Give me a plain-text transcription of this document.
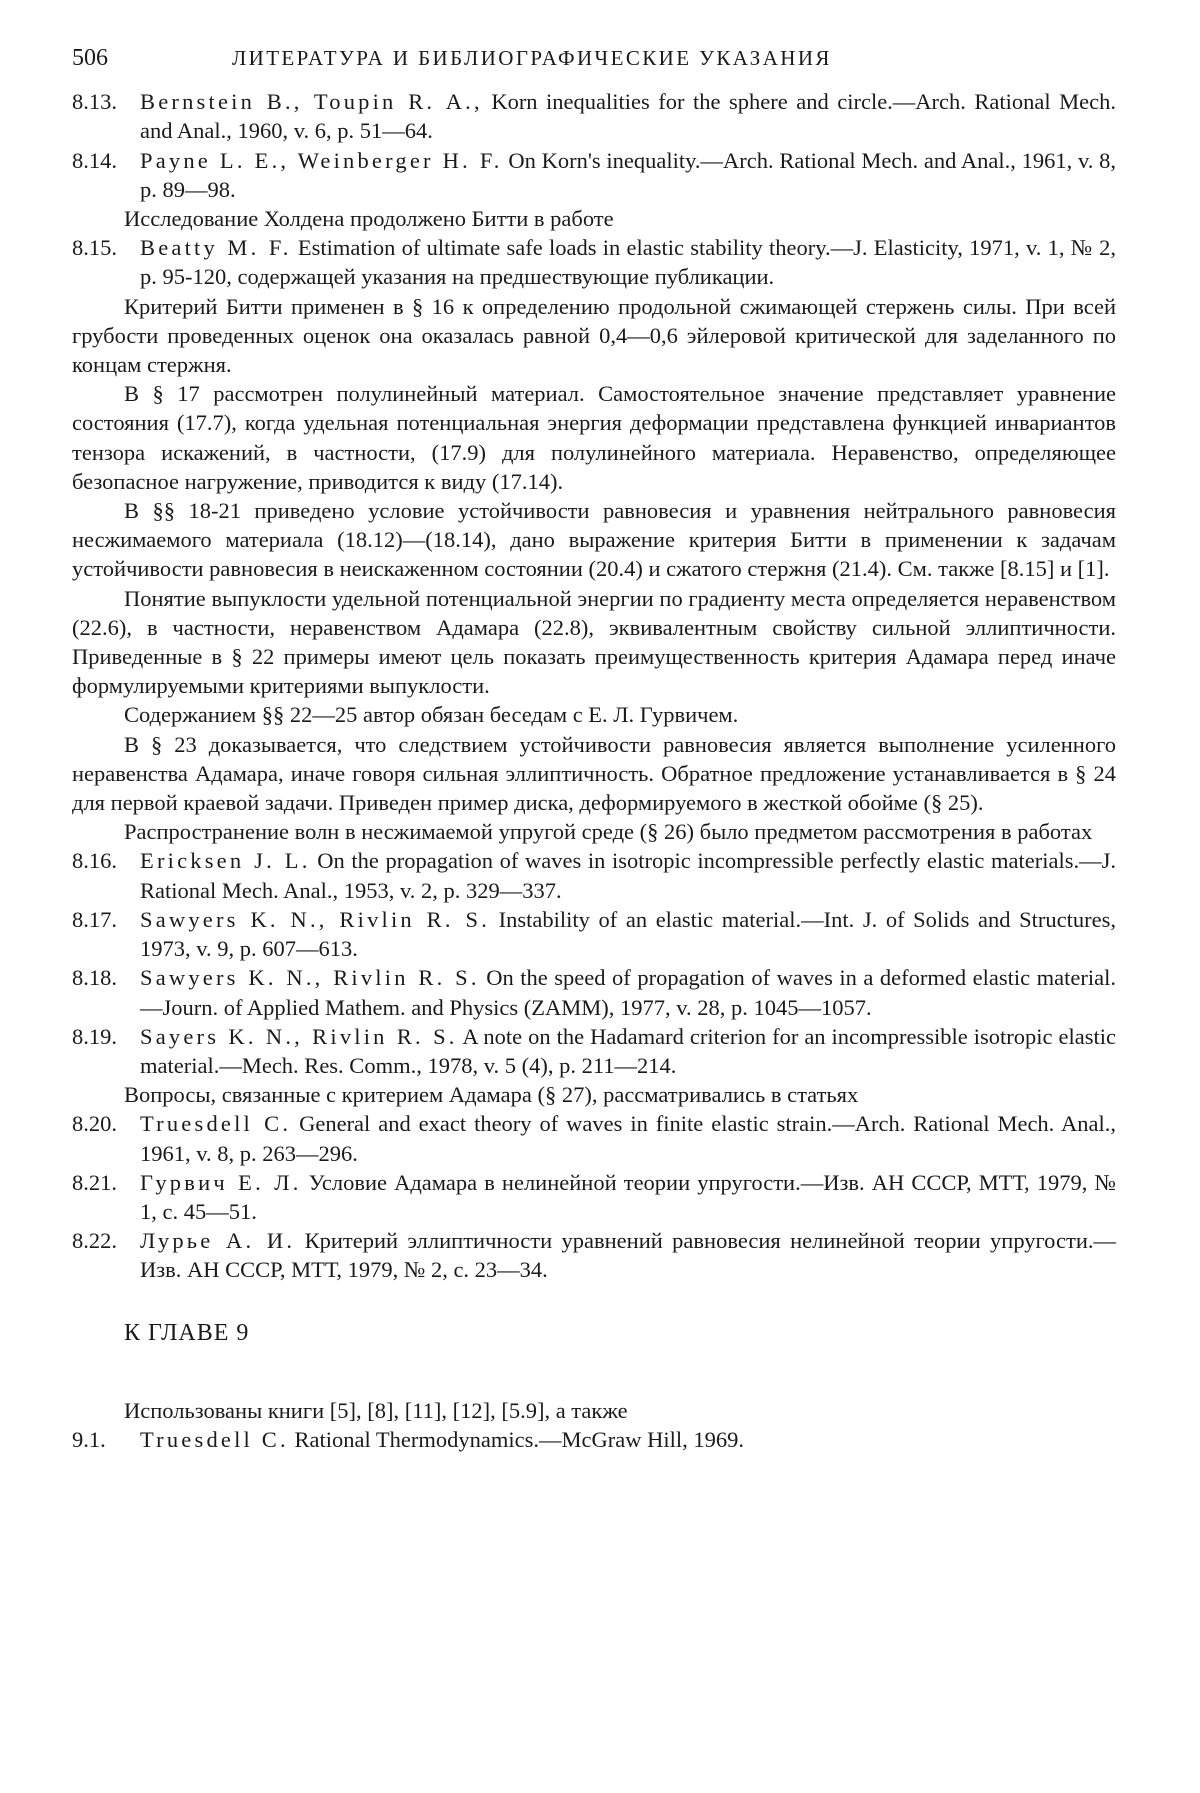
506	ЛИТЕРАТУРА И БИБЛИОГРАФИЧЕСКИЕ УКАЗАНИЯ
8.13.	Bernstein B., Toupin R. A., Korn inequalities for the sphere and circle.—Arch. Rational Mech. and Anal., 1960, v. 6, p. 51—64.
8.14.	Payne L. E., Weinberger H. F. On Korn's inequality.—Arch. Rational Mech. and Anal., 1961, v. 8, p. 89—98.

Исследование Холдена продолжено Битти в работе

8.15.	Beatty M. F. Estimation of ultimate safe loads in elastic stability theory.—J. Elasticity, 1971, v. 1, № 2, p. 95-120, содержащей указания на предшествующие публикации.

Критерий Битти применен в § 16 к определению продольной сжимающей стержень силы. При всей грубости проведенных оценок она оказалась равной 0,4—0,6 эйлеровой критической для заделанного по концам стержня.

В § 17 рассмотрен полулинейный материал. Самостоятельное значение представляет уравнение состояния (17.7), когда удельная потенциальная энергия деформации представлена функцией инвариантов тензора искажений, в частности, (17.9) для полулинейного материала. Неравенство, определяющее безопасное нагружение, приводится к виду (17.14).

В §§ 18-21 приведено условие устойчивости равновесия и уравнения нейтрального равновесия несжимаемого материала (18.12)—(18.14), дано выражение критерия Битти в применении к задачам устойчивости равновесия в неискаженном состоянии (20.4) и сжатого стержня (21.4). См. также [8.15] и [1].

Понятие выпуклости удельной потенциальной энергии по градиенту места определяется неравенством (22.6), в частности, неравенством Адамара (22.8), эквивалентным свойству сильной эллиптичности. Приведенные в § 22 примеры имеют цель показать преимущественность критерия Адамара перед иначе формулируемыми критериями выпуклости.

Содержанием §§ 22—25 автор обязан беседам с Е. Л. Гурвичем.

В § 23 доказывается, что следствием устойчивости равновесия является выполнение усиленного неравенства Адамара, иначе говоря сильная эллиптичность. Обратное предложение устанавливается в § 24 для первой краевой задачи. Приведен пример диска, деформируемого в жесткой обойме (§ 25).

Распространение волн в несжимаемой упругой среде (§ 26) было предметом рассмотрения в работах

8.16.	Ericksen J. L. On the propagation of waves in isotropic incompressible perfectly elastic materials.—J. Rational Mech. Anal., 1953, v. 2, p. 329—337.
8.17.	Sawyers K. N., Rivlin R. S. Instability of an elastic material.—Int. J. of Solids and Structures, 1973, v. 9, p. 607—613.
8.18.	Sawyers K. N., Rivlin R. S. On the speed of propagation of waves in a deformed elastic material.—Journ. of Applied Mathem. and Physics (ZAMM), 1977, v. 28, p. 1045—1057.
8.19.	Sayers K. N., Rivlin R. S. A note on the Hadamard criterion for an incompressible isotropic elastic material.—Mech. Res. Comm., 1978, v. 5 (4), p. 211—214.

Вопросы, связанные с критерием Адамара (§ 27), рассматривались в статьях

8.20.	Truesdell C. General and exact theory of waves in finite elastic strain.—Arch. Rational Mech. Anal., 1961, v. 8, p. 263—296.
8.21.	Гурвич Е. Л. Условие Адамара в нелинейной теории упругости.—Изв. АН СССР, МТТ, 1979, № 1, с. 45—51.
8.22.	Лурье А. И. Критерий эллиптичности уравнений равновесия нелинейной теории упругости.—Изв. АН СССР, МТТ, 1979, № 2, с. 23—34.
К ГЛАВЕ 9

Использованы книги [5], [8], [11], [12], [5.9], а также

9.1.	Truesdell C. Rational Thermodynamics.—McGraw Hill, 1969.
